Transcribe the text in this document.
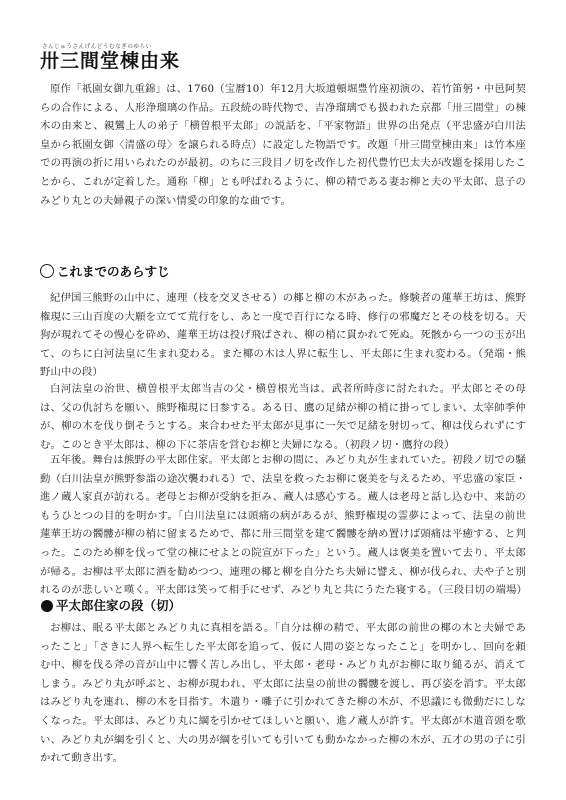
さんじゅうさんげんどうむなぎのゆらい
卅三間堂棟由来

原作「祇園女御九重錦」は、1760（宝暦10）年12月大坂道頓堀豊竹座初演の、若竹笛躬・中邑阿契らの合作による、人形浄瑠璃の作品。五段続の時代物で、吉净瑠璃でも扱われた京都「卅三間堂」の棟木の由来と、親鸞上人の弟子「横曽根平太郎」の説話を、「平家物語」世界の出発点（平忠盛が白川法皇から祇園女御〈清盛の母〉を譲られる時点）に設定した物語です。改題「卅三間堂棟由来」は竹本座での再演の折に用いられたのが最初。のちに三段目ノ切を改作した初代豊竹巴太夫が改題を採用したことから、これが定着した。通称「柳」とも呼ばれるように、柳の精である妻お柳と夫の平太郎、息子のみどり丸との夫婦親子の深い情愛の印象的な曲です。

これまでのあらすじ

紀伊国三熊野の山中に、連理（枝を交叉させる）の椰と柳の木があった。修験者の蓮華王坊は、熊野権現に三山百度の大願を立てて荒行をし、あと一度で百行になる時、修行の邪魔だとその枝を切る。天狗が現れてその慢心を砕め、蓮華王坊は投げ飛ばされ、柳の梢に貫かれて死ぬ。死骸から一つの玉が出て、のちに白河法皇に生まれ変わる。また椰の木は人界に転生し、平太郎に生まれ変わる。（発端・熊野山中の段）

白河法皇の治世、横曽根平太郎当吉の父・横曽根光当は、武者所時彦に討たれた。平太郎とその母は、父の仇討ちを願い、熊野権現に日参する。ある日、鷹の足緒が柳の梢に掛ってしまい、太宰帥季仲が、柳の木を伐り倒そうとする。来合わせた平太郎が見事に一矢で足緒を射切って、柳は伐られずにすむ。このとき平太郎は、柳の下に茶店を営むお柳と夫婦になる。（初段ノ切・鷹狩の段）

五年後。舞台は熊野の平太郎住家。平太郎とお柳の間に、みどり丸が生まれていた。初段ノ切での騒動（白川法皇が熊野参詣の途次襲われる）で、法皇を救ったお柳に褒美を与えるため、平忠盛の家臣・進ノ蔵人家貞が訪れる。老母とお柳が受納を拒み、蔵人は感心する。蔵人は老母と話し込む中、来訪のもうひとつの目的を明かす。「白川法皇には頭痛の病があるが、熊野権現の霊夢によって、法皇の前世蓮華王坊の髑髏が柳の梢に留まるためで、都に卅三間堂を建て髑髏を納め置けば頭痛は平癒する、と判った。このため柳を伐って堂の棟にせよとの院宣が下った」という。蔵人は褒美を置いて去り、平太郎が帰る。お柳は平太郎に酒を勧めつつ、連理の椰と柳を自分たち夫婦に譬え、柳が伐られ、夫や子と別れるのが悲しいと嘆く。平太郎は笑って相手にせず、みどり丸と共にうたた寝する。（三段目切の端場）

平太郎住家の段（切）

お柳は、眠る平太郎とみどり丸に真相を語る。「自分は柳の精で、平太郎の前世の椰の木と夫婦であったこと」「さきに人界へ転生した平太郎を追って、仮に人間の姿となったこと」を明かし、回向を頼む中、柳を伐る斧の音が山中に響く苦しみ出し、平太郎・老母・みどり丸がお柳に取り縋るが、消えてしまう。みどり丸が呼ぶと、お柳が現われ、平太郎に法皇の前世の髑髏を渡し、再び姿を消す。平太郎はみどり丸を連れ、柳の木を目指す。木遣り・囃子に引かれてきた柳の木が、不思議にも微動だにしなくなった。平太郎は、みどり丸に綱を引かせてほしいと願い、進ノ蔵人が許す。平太郎が木遣音頭を歌い、みどり丸が綱を引くと、大の男が綱を引いても引いても動かなかった柳の木が、五才の男の子に引かれて動き出す。
